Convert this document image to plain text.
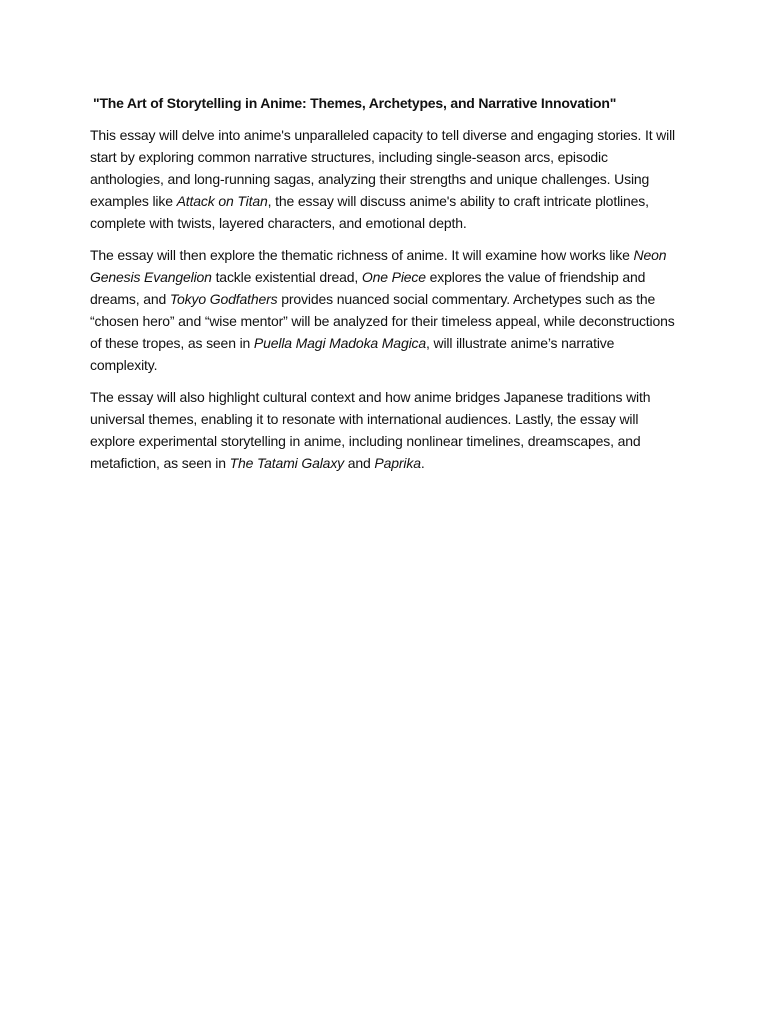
"The Art of Storytelling in Anime: Themes, Archetypes, and Narrative Innovation"

This essay will delve into anime's unparalleled capacity to tell diverse and engaging stories. It will start by exploring common narrative structures, including single-season arcs, episodic anthologies, and long-running sagas, analyzing their strengths and unique challenges. Using examples like Attack on Titan, the essay will discuss anime's ability to craft intricate plotlines, complete with twists, layered characters, and emotional depth.

The essay will then explore the thematic richness of anime. It will examine how works like Neon Genesis Evangelion tackle existential dread, One Piece explores the value of friendship and dreams, and Tokyo Godfathers provides nuanced social commentary. Archetypes such as the “chosen hero” and “wise mentor” will be analyzed for their timeless appeal, while deconstructions of these tropes, as seen in Puella Magi Madoka Magica, will illustrate anime’s narrative complexity.

The essay will also highlight cultural context and how anime bridges Japanese traditions with universal themes, enabling it to resonate with international audiences. Lastly, the essay will explore experimental storytelling in anime, including nonlinear timelines, dreamscapes, and metafiction, as seen in The Tatami Galaxy and Paprika.
